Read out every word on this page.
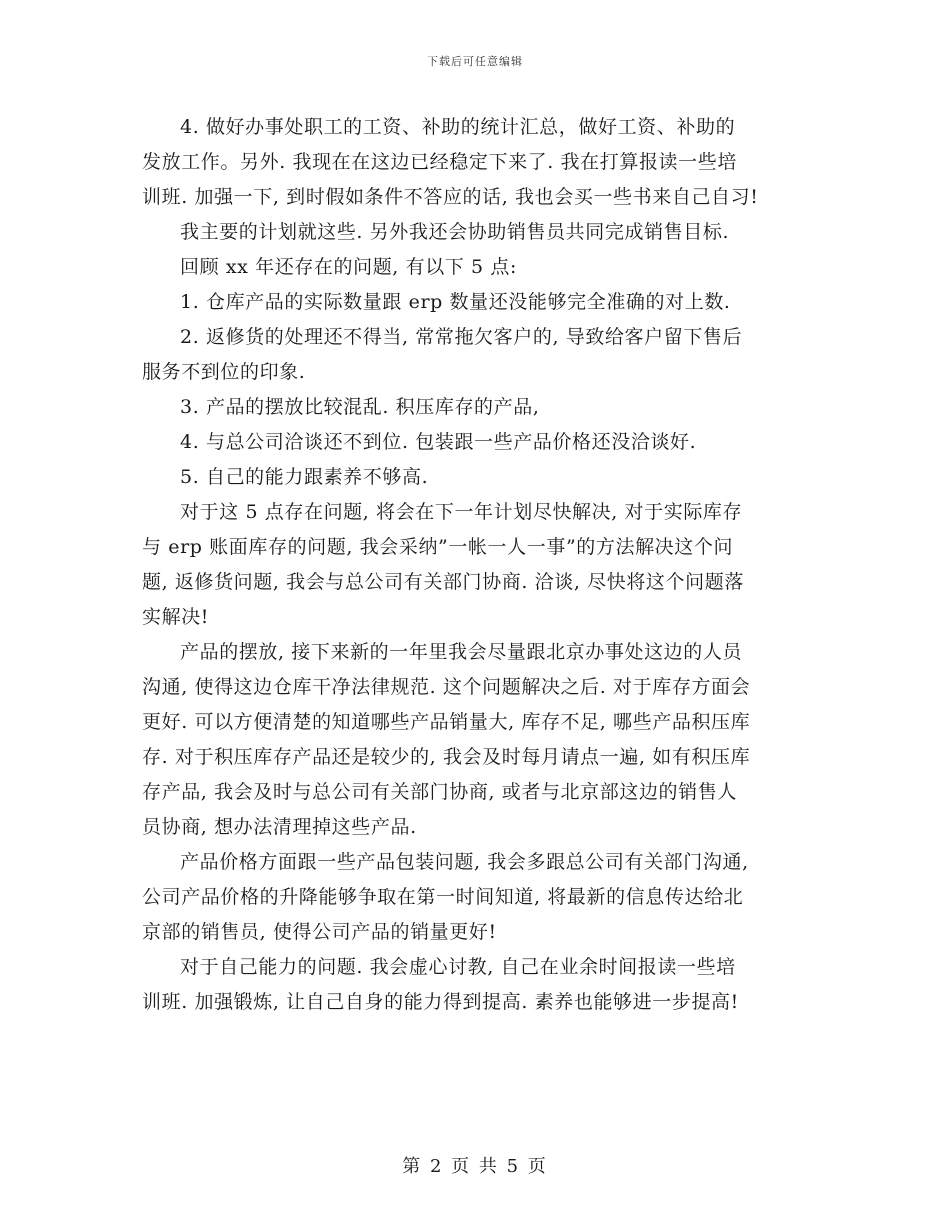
下载后可任意编辑

4. 做好办事处职工的工资、补助的统计汇总，做好工资、补助的
发放工作。另外. 我现在在这边已经稳定下来了. 我在打算报读一些培
训班. 加强一下, 到时假如条件不答应的话, 我也会买一些书来自己自习!

我主要的计划就这些. 另外我还会协助销售员共同完成销售目标.

回顾 xx 年还存在的问题, 有以下 5 点:

1. 仓库产品的实际数量跟 erp 数量还没能够完全准确的对上数.

2. 返修货的处理还不得当, 常常拖欠客户的, 导致给客户留下售后
服务不到位的印象.

3. 产品的摆放比较混乱. 积压库存的产品,

4. 与总公司洽谈还不到位. 包装跟一些产品价格还没洽谈好.

5. 自己的能力跟素养不够高.

对于这 5 点存在问题, 将会在下一年计划尽快解决, 对于实际库存
与 erp 账面库存的问题, 我会采纳”一帐一人一事”的方法解决这个问
题, 返修货问题, 我会与总公司有关部门协商. 洽谈, 尽快将这个问题落
实解决!

产品的摆放, 接下来新的一年里我会尽量跟北京办事处这边的人员
沟通, 使得这边仓库干净法律规范. 这个问题解决之后. 对于库存方面会
更好. 可以方便清楚的知道哪些产品销量大, 库存不足, 哪些产品积压库
存. 对于积压库存产品还是较少的, 我会及时每月请点一遍, 如有积压库
存产品, 我会及时与总公司有关部门协商, 或者与北京部这边的销售人
员协商, 想办法清理掉这些产品.

产品价格方面跟一些产品包装问题, 我会多跟总公司有关部门沟通,
公司产品价格的升降能够争取在第一时间知道, 将最新的信息传达给北
京部的销售员, 使得公司产品的销量更好!

对于自己能力的问题. 我会虚心讨教, 自己在业余时间报读一些培
训班. 加强锻炼, 让自己自身的能力得到提高. 素养也能够进一步提高!

第 2 页 共 5 页
